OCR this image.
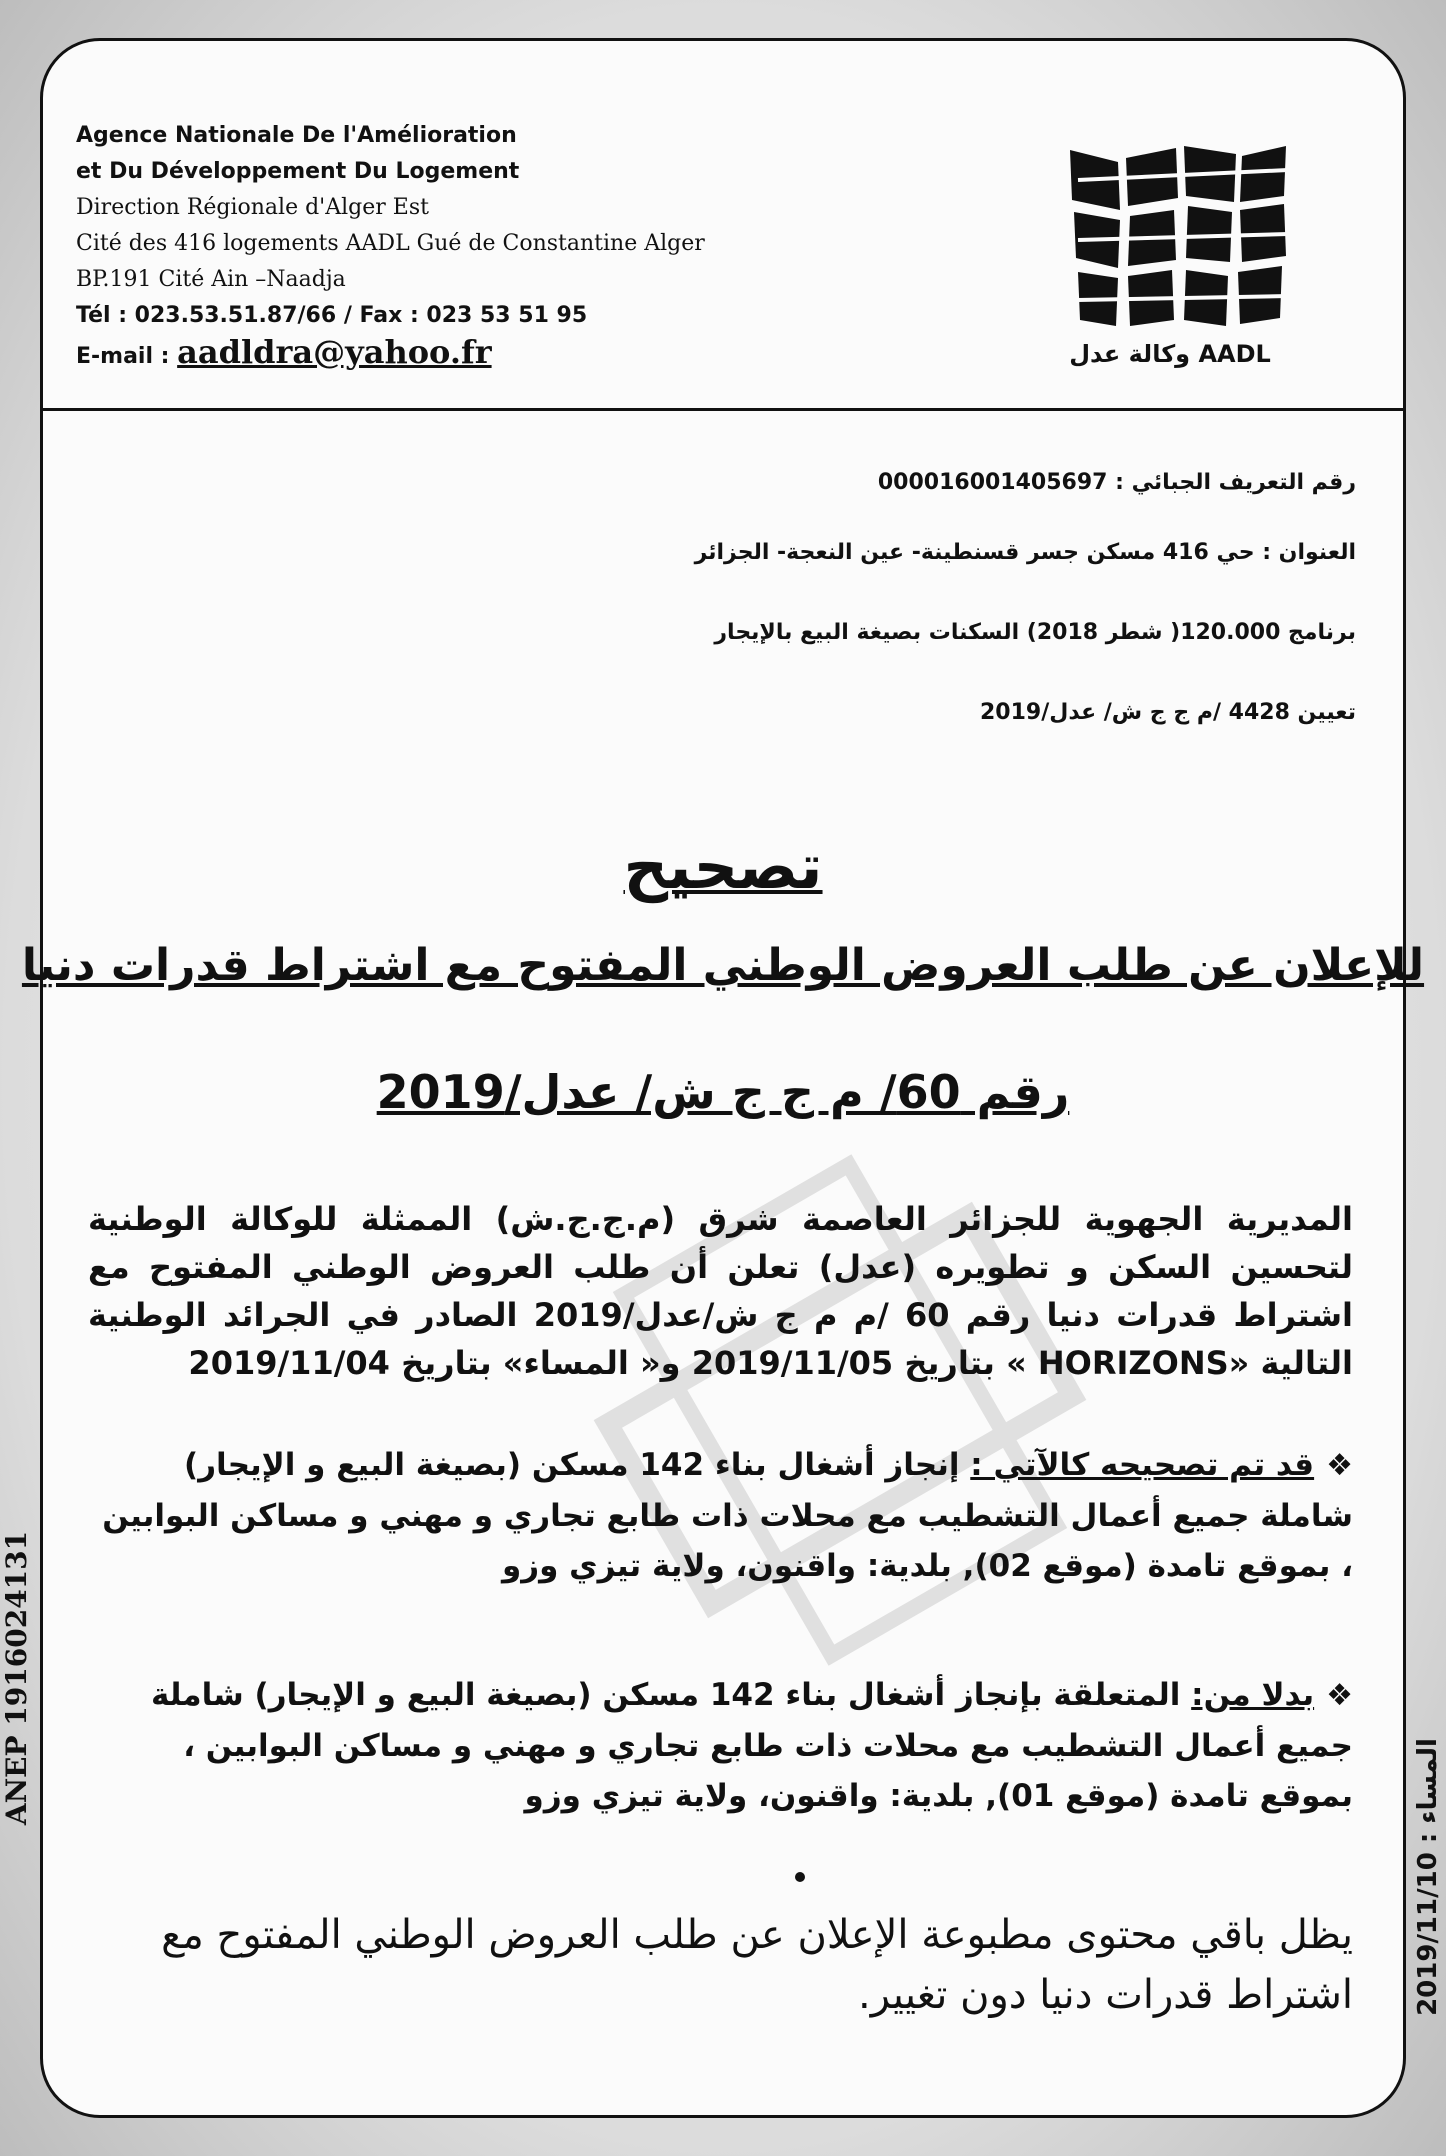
Agence Nationale De l'Amélioration
et Du Développement Du Logement
Direction Régionale d'Alger Est
Cité des 416 logements AADL Gué de Constantine Alger
BP.191 Cité Ain –Naadja
Tél : 023.53.51.87/66 / Fax : 023 53 51 95
E-mail : aadldra@yahoo.fr	AADL وكالة عدل
رقم التعريف الجبائي : 000016001405697
العنوان : حي 416 مسكن جسر قسنطينة- عين النعجة- الجزائر
برنامج 120.000( شطر 2018) السكنات بصيغة البيع بالإيجار
تعيين 4428 /م ج ج ش/ عدل/2019
تصحيح
للإعلان عن طلب العروض الوطني المفتوح مع اشتراط قدرات دنيا
رقم 60/ م ج ج ش/ عدل/2019
المديرية الجهوية للجزائر العاصمة شرق (م.ج.ج.ش) الممثلة للوكالة الوطنية لتحسين السكن و تطويره (عدل) تعلن أن طلب العروض الوطني المفتوح مع اشتراط قدرات دنيا رقم 60 /م م ج ش/عدل/2019 الصادر في الجرائد الوطنية التالية «HORIZONS » بتاريخ 2019/11/05 و« المساء» بتاريخ 2019/11/04
❖قد تم تصحيحه كالآتي : إنجاز أشغال بناء 142 مسكن (بصيغة البيع و الإيجار) شاملة جميع أعمال التشطيب مع محلات ذات طابع تجاري و مهني و مساكن البوابين ، بموقع تامدة (موقع 02), بلدية: واقنون، ولاية تيزي وزو
❖بدلا من: المتعلقة بإنجاز أشغال بناء 142 مسكن (بصيغة البيع و الإيجار) شاملة جميع أعمال التشطيب مع محلات ذات طابع تجاري و مهني و مساكن البوابين ، بموقع تامدة (موقع 01), بلدية: واقنون، ولاية تيزي وزو
يظل باقي محتوى مطبوعة الإعلان عن طلب العروض الوطني المفتوح مع اشتراط قدرات دنيا دون تغيير.
ANEP 1916024131
المساء : 2019/11/10
